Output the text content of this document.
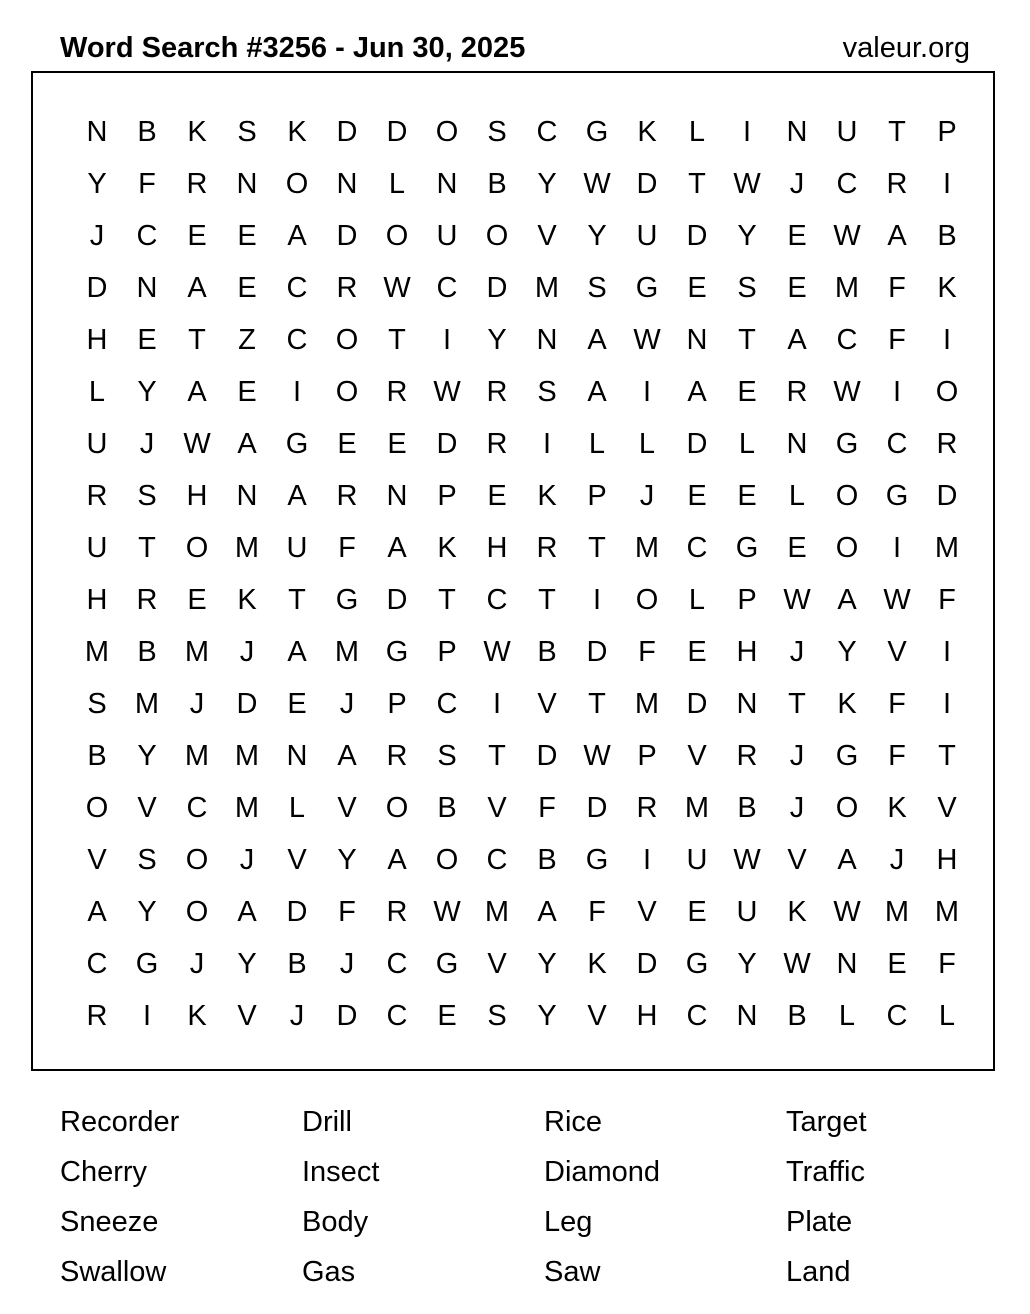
Word Search #3256 - Jun 30, 2025	valeur.org
N	B	K	S	K	D	D O	S	C G	K	L	I	N	U	T	P
Y	F	R	N O N	L	N	B	Y W D	T W	J	C	R	I
J	C	E	E	A	D O U O	V	Y	U	D	Y	E W A	B
D	N	A	E	C	R W C	D M S	G	E	S	E M	F	K
H	E	T	Z	C O	T	I	Y	N	A W N	T	A	C	F	I
L	Y	A	E	I	O R W R	S	A	I	A	E	R W	I	O
U	J	W A	G	E	E	D	R	I	L	L	D	L	N G C	R
R	S	H	N	A	R	N	P	E	K	P	J	E	E	L	O G D
U	T	O M U	F	A	K	H	R	T	M C G	E	O	I	M
H	R	E	K	T	G D	T	C	T	I	O	L	P W A W F
M B M	J	A M G	P W B	D	F	E	H	J	Y	V	I
S M	J	D	E	J	P	C	I	V	T	M D	N	T	K	F	I
B	Y M M N	A	R	S	T	D W P	V	R	J	G	F	T
O	V	C M	L	V	O	B	V	F	D	R M B	J	O	K	V
V	S	O	J	V	Y	A	O C	B	G	I	U W V	A	J	H
A	Y	O	A	D	F	R W M A	F	V	E	U	K W M M
C G	J	Y	B	J	C G	V	Y	K	D G	Y W N	E	F
R	I	K	V	J	D	C	E	S	Y	V	H	C	N	B	L	C	L
Recorder	Drill	Rice	Target
Cherry	Insect	Diamond	Traffic
Sneeze	Body	Leg	Plate
Swallow	Gas	Saw	Land
